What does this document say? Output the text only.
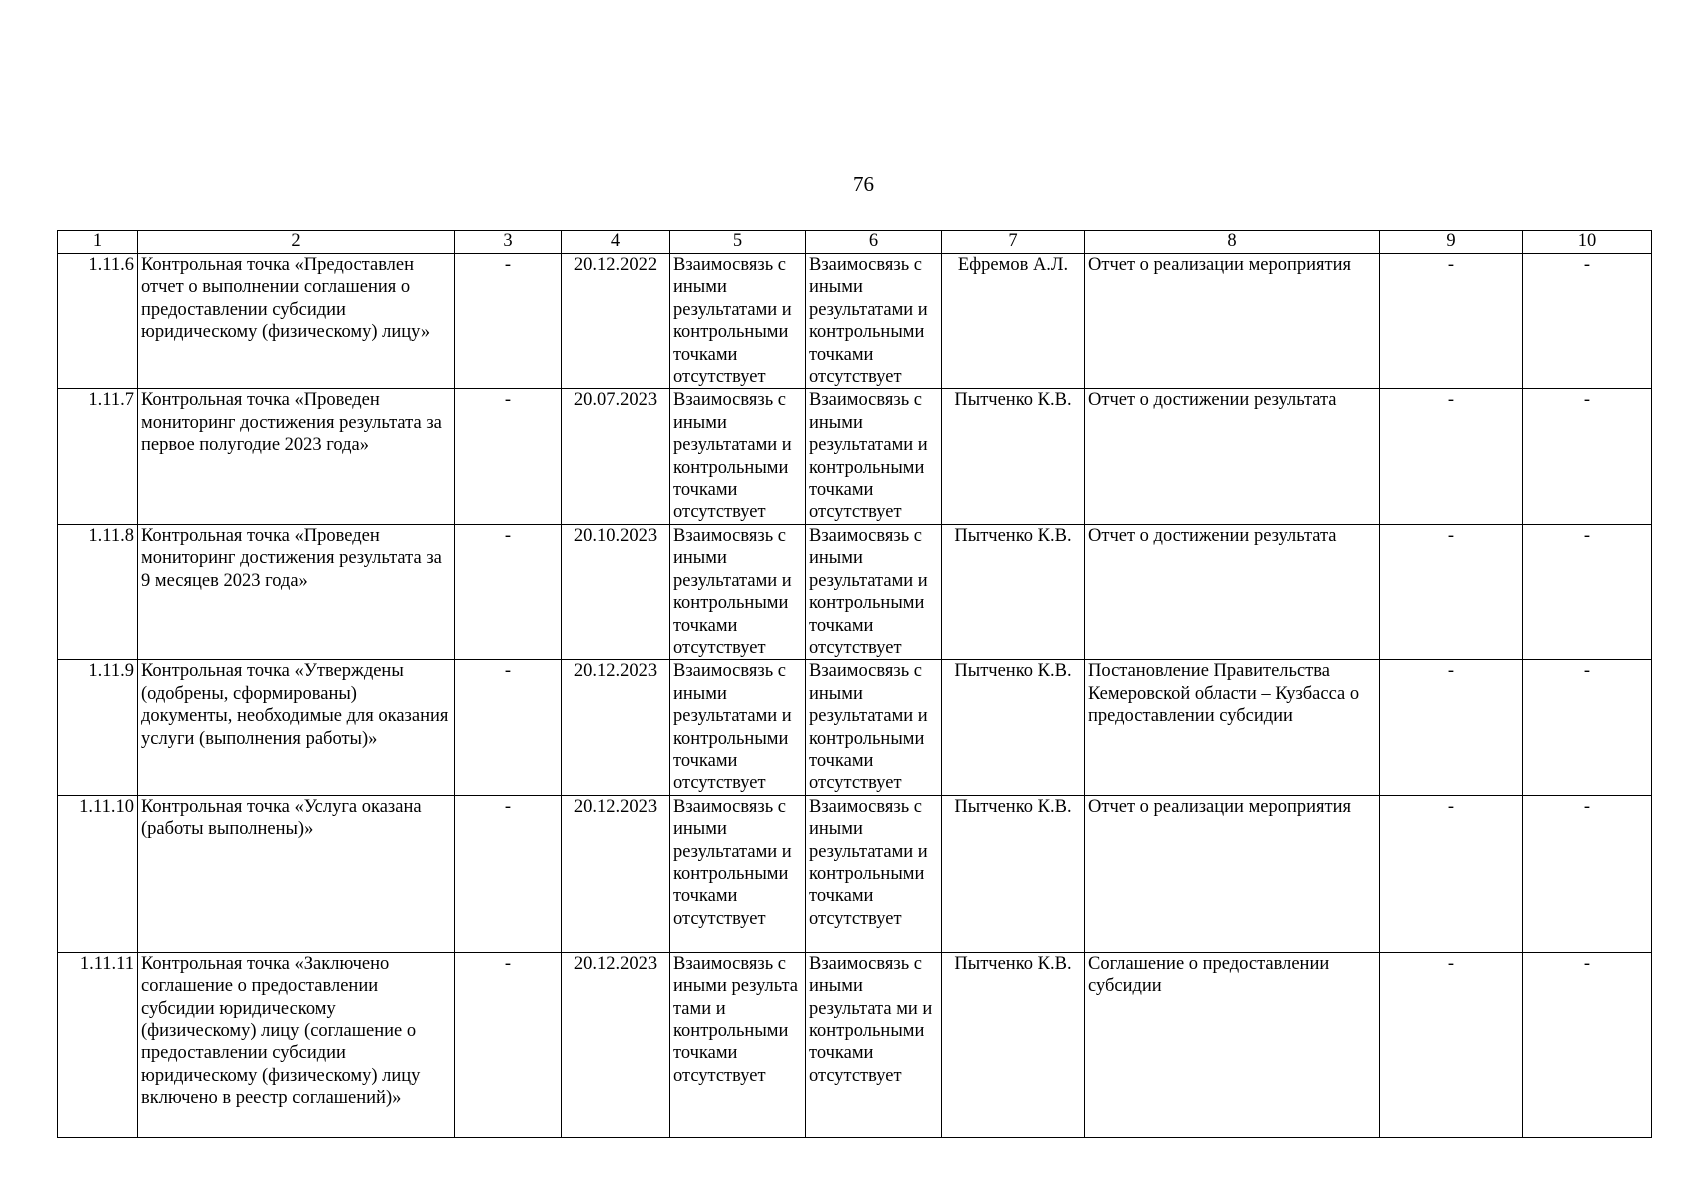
76
1	2	3	4	5	6	7	8	9	10
1.11.6	Контрольная точка «Предоставлен отчет о выполнении соглашения о предоставлении субсидии юридическому (физическому) лицу»	-	20.12.2022	Взаимосвязь с иными результатами и контрольными точками отсутствует	Взаимосвязь с иными результатами и контрольными точками отсутствует	Ефремов А.Л.	Отчет о реализации мероприятия	-	-
1.11.7	Контрольная точка «Проведен мониторинг достижения результата за первое полугодие 2023 года»	-	20.07.2023	Взаимосвязь с иными результатами и контрольными точками отсутствует	Взаимосвязь с иными результатами и контрольными точками отсутствует	Пытченко К.В.	Отчет о достижении результата	-	-
1.11.8	Контрольная точка «Проведен мониторинг достижения результата за 9 месяцев 2023 года»	-	20.10.2023	Взаимосвязь с иными результатами и контрольными точками отсутствует	Взаимосвязь с иными результатами и контрольными точками отсутствует	Пытченко К.В.	Отчет о достижении результата	-	-
1.11.9	Контрольная точка «Утверждены (одобрены, сформированы) документы, необходимые для оказания услуги (выполнения работы)»	-	20.12.2023	Взаимосвязь с иными результатами и контрольными точками отсутствует	Взаимосвязь с иными результатами и контрольными точками отсутствует	Пытченко К.В.	Постановление Правительства Кемеровской области – Кузбасса о предоставлении субсидии	-	-
1.11.10	Контрольная точка «Услуга оказана (работы выполнены)»	-	20.12.2023	Взаимосвязь с иными результатами и контрольными точками отсутствует	Взаимосвязь с иными результатами и контрольными точками отсутствует	Пытченко К.В.	Отчет о реализации мероприятия	-	-
1.11.11	Контрольная точка «Заключено соглашение о предоставлении субсидии юридическому (физическому) лицу (соглашение о предоставлении субсидии юридическому (физическому) лицу включено в реестр соглашений)»	-	20.12.2023	Взаимосвязь с иными результа тами и контрольными точками отсутствует	Взаимосвязь с иными результата ми и контрольными точками отсутствует	Пытченко К.В.	Соглашение о предоставлении субсидии	-	-
